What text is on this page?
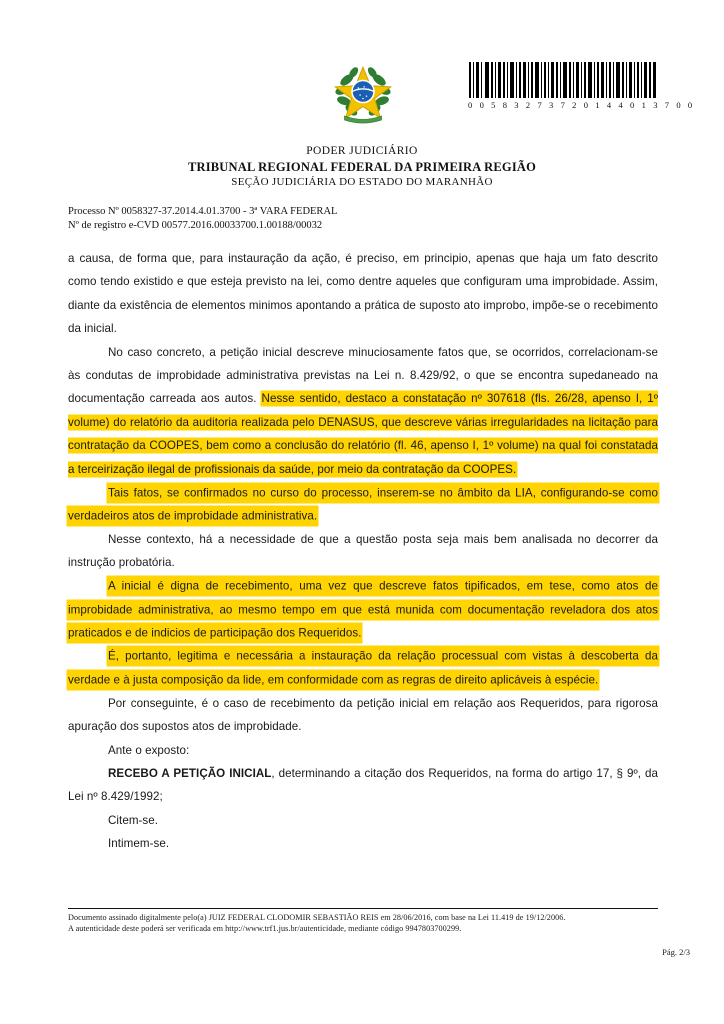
0 0 5 8 3 2 7 3 7 2 0 1 4 4 0 1 3 7 0 0
PODER JUDICIÁRIO
TRIBUNAL REGIONAL FEDERAL DA PRIMEIRA REGIÃO
SEÇÃO JUDICIÁRIA DO ESTADO DO MARANHÃO
Processo Nº 0058327-37.2014.4.01.3700 - 3ª VARA FEDERAL
Nº de registro e-CVD 00577.2016.00033700.1.00188/00032

a causa, de forma que, para instauração da ação, é preciso, em principio, apenas que haja um fato descrito como tendo existido e que esteja previsto na lei, como dentre aqueles que configuram uma improbidade. Assim, diante da existência de elementos minimos apontando a prática de suposto ato improbo, impõe-se o recebimento da inicial.

No caso concreto, a petição inicial descreve minuciosamente fatos que, se ocorridos, correlacionam-se às condutas de improbidade administrativa previstas na Lei n. 8.429/92, o que se encontra supedaneado na documentação carreada aos autos. Nesse sentido, destaco a constatação nº 307618 (fls. 26/28, apenso I, 1º volume) do relatório da auditoria realizada pelo DENASUS, que descreve várias irregularidades na licitação para contratação da COOPES, bem como a conclusão do relatório (fl. 46, apenso I, 1º volume) na qual foi constatada a terceirização ilegal de profissionais da saúde, por meio da contratação da COOPES.

Tais fatos, se confirmados no curso do processo, inserem-se no âmbito da LIA, configurando-se como verdadeiros atos de improbidade administrativa.

Nesse contexto, há a necessidade de que a questão posta seja mais bem analisada no decorrer da instrução probatória.

A inicial é digna de recebimento, uma vez que descreve fatos tipificados, em tese, como atos de improbidade administrativa, ao mesmo tempo em que está munida com documentação reveladora dos atos praticados e de indicios de participação dos Requeridos.

É, portanto, legitima e necessária a instauração da relação processual com vistas à descoberta da verdade e à justa composição da lide, em conformidade com as regras de direito aplicáveis à espécie.

Por conseguinte, é o caso de recebimento da petição inicial em relação aos Requeridos, para rigorosa apuração dos supostos atos de improbidade.

Ante o exposto:

RECEBO A PETIÇÃO INICIAL, determinando a citação dos Requeridos, na forma do artigo 17, § 9º, da Lei nº 8.429/1992;

Citem-se.

Intimem-se.

Documento assinado digitalmente pelo(a) JUIZ FEDERAL CLODOMIR SEBASTIÃO REIS em 28/06/2016, com base na Lei 11.419 de 19/12/2006.
A autenticidade deste poderá ser verificada em http://www.trf1.jus.br/autenticidade, mediante código 9947803700299.
Pág. 2/3
